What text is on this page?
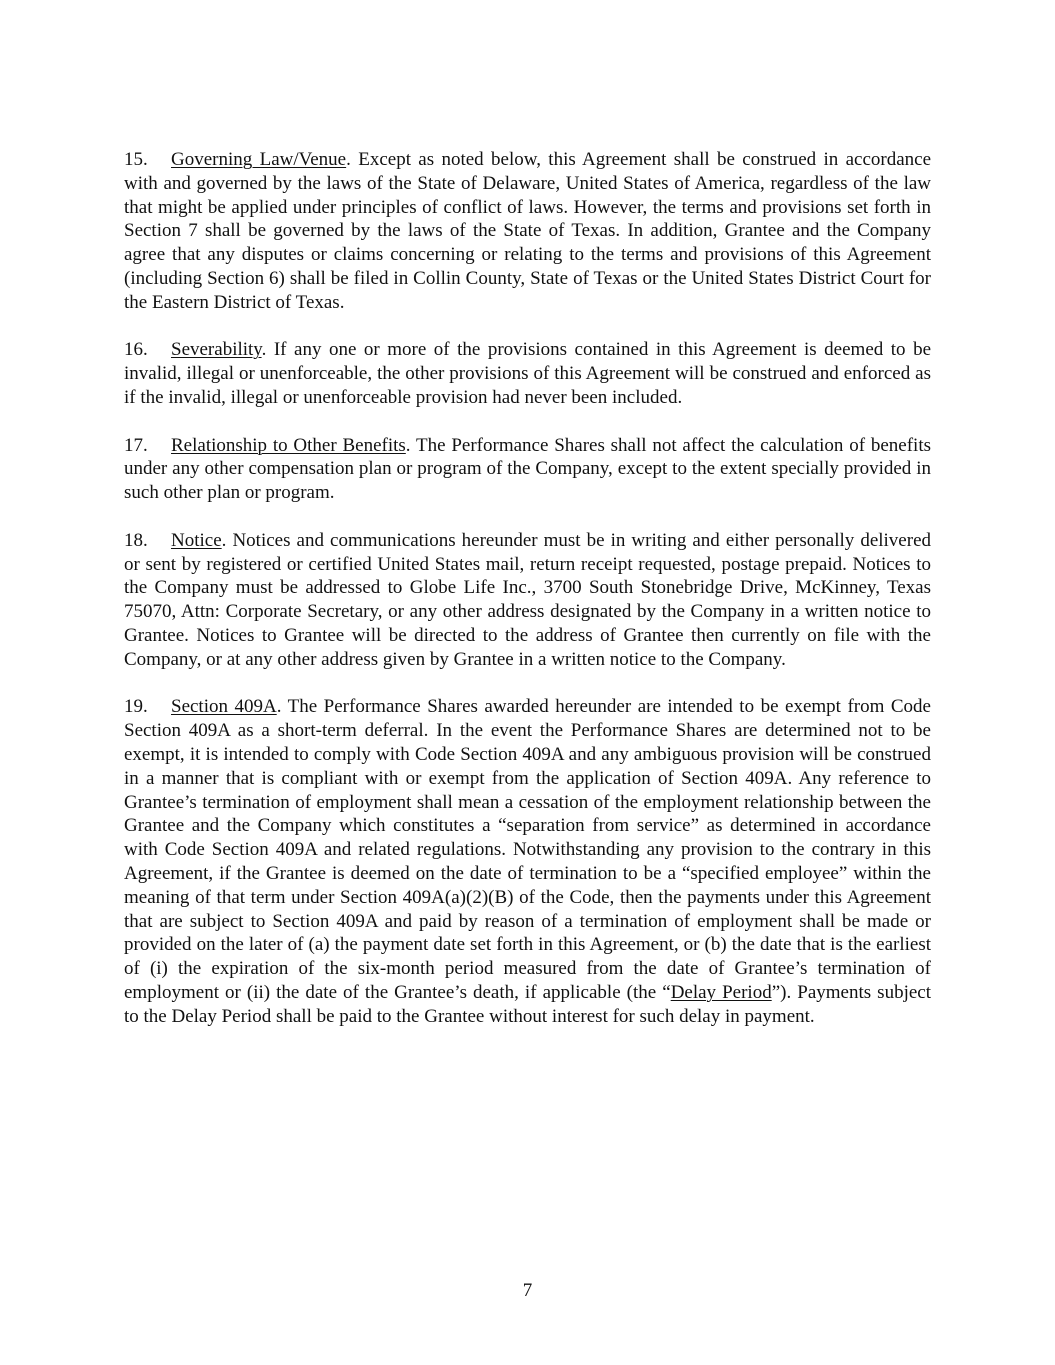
15. Governing Law/Venue. Except as noted below, this Agreement shall be construed in accordance with and governed by the laws of the State of Delaware, United States of America, regardless of the law that might be applied under principles of conflict of laws. However, the terms and provisions set forth in Section 7 shall be governed by the laws of the State of Texas. In addition, Grantee and the Company agree that any disputes or claims concerning or relating to the terms and provisions of this Agreement (including Section 6) shall be filed in Collin County, State of Texas or the United States District Court for the Eastern District of Texas.

16. Severability. If any one or more of the provisions contained in this Agreement is deemed to be invalid, illegal or unenforceable, the other provisions of this Agreement will be construed and enforced as if the invalid, illegal or unenforceable provision had never been included.

17. Relationship to Other Benefits. The Performance Shares shall not affect the calculation of benefits under any other compensation plan or program of the Company, except to the extent specially provided in such other plan or program.

18. Notice. Notices and communications hereunder must be in writing and either personally delivered or sent by registered or certified United States mail, return receipt requested, postage prepaid. Notices to the Company must be addressed to Globe Life Inc., 3700 South Stonebridge Drive, McKinney, Texas 75070, Attn: Corporate Secretary, or any other address designated by the Company in a written notice to Grantee. Notices to Grantee will be directed to the address of Grantee then currently on file with the Company, or at any other address given by Grantee in a written notice to the Company.

19. Section 409A. The Performance Shares awarded hereunder are intended to be exempt from Code Section 409A as a short-term deferral. In the event the Performance Shares are determined not to be exempt, it is intended to comply with Code Section 409A and any ambiguous provision will be construed in a manner that is compliant with or exempt from the application of Section 409A. Any reference to Grantee’s termination of employment shall mean a cessation of the employment relationship between the Grantee and the Company which constitutes a “separation from service” as determined in accordance with Code Section 409A and related regulations. Notwithstanding any provision to the contrary in this Agreement, if the Grantee is deemed on the date of termination to be a “specified employee” within the meaning of that term under Section 409A(a)(2)(B) of the Code, then the payments under this Agreement that are subject to Section 409A and paid by reason of a termination of employment shall be made or provided on the later of (a) the payment date set forth in this Agreement, or (b) the date that is the earliest of (i) the expiration of the six-month period measured from the date of Grantee’s termination of employment or (ii) the date of the Grantee’s death, if applicable (the “Delay Period”). Payments subject to the Delay Period shall be paid to the Grantee without interest for such delay in payment.

7
